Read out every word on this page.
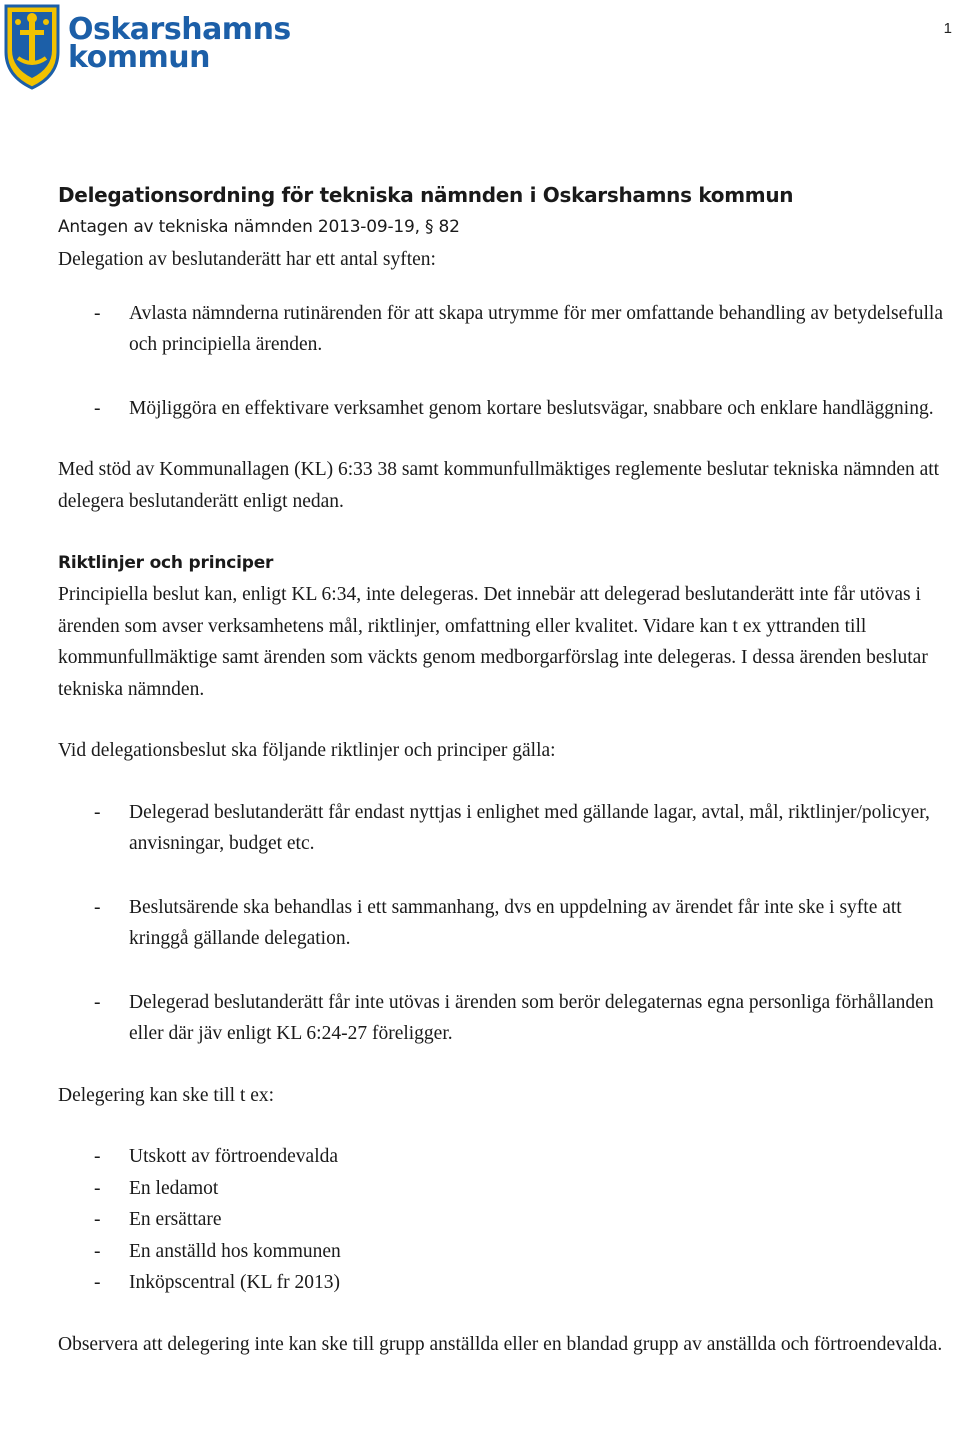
Oskarshamns
kommun
1
Delegationsordning för tekniska nämnden i Oskarshamns kommun
Antagen av tekniska nämnden 2013-09-19, § 82

Delegation av beslutanderätt har ett antal syften:

- Avlasta nämnderna rutinärenden för att skapa utrymme för mer omfattande behandling av betydelsefulla och principiella ärenden.
- Möjliggöra en effektivare verksamhet genom kortare beslutsvägar, snabbare och enklare handläggning.

Med stöd av Kommunallagen (KL) 6:33 38 samt kommunfullmäktiges reglemente beslutar tekniska nämnden att delegera beslutanderätt enligt nedan.

Riktlinjer och principer

Principiella beslut kan, enligt KL 6:34, inte delegeras. Det innebär att delegerad beslutanderätt inte får utövas i ärenden som avser verksamhetens mål, riktlinjer, omfattning eller kvalitet. Vidare kan t ex yttranden till kommunfullmäktige samt ärenden som väckts genom medborgarförslag inte delegeras. I dessa ärenden beslutar tekniska nämnden.

Vid delegationsbeslut ska följande riktlinjer och principer gälla:

- Delegerad beslutanderätt får endast nyttjas i enlighet med gällande lagar, avtal, mål, riktlinjer/policyer, anvisningar, budget etc.
- Beslutsärende ska behandlas i ett sammanhang, dvs en uppdelning av ärendet får inte ske i syfte att kringgå gällande delegation.
- Delegerad beslutanderätt får inte utövas i ärenden som berör delegaternas egna personliga förhållanden eller där jäv enligt KL 6:24-27 föreligger.

Delegering kan ske till t ex:

- Utskott av förtroendevalda
- En ledamot
- En ersättare
- En anställd hos kommunen
- Inköpscentral (KL fr 2013)

Observera att delegering inte kan ske till grupp anställda eller en blandad grupp av anställda och förtroendevalda.
